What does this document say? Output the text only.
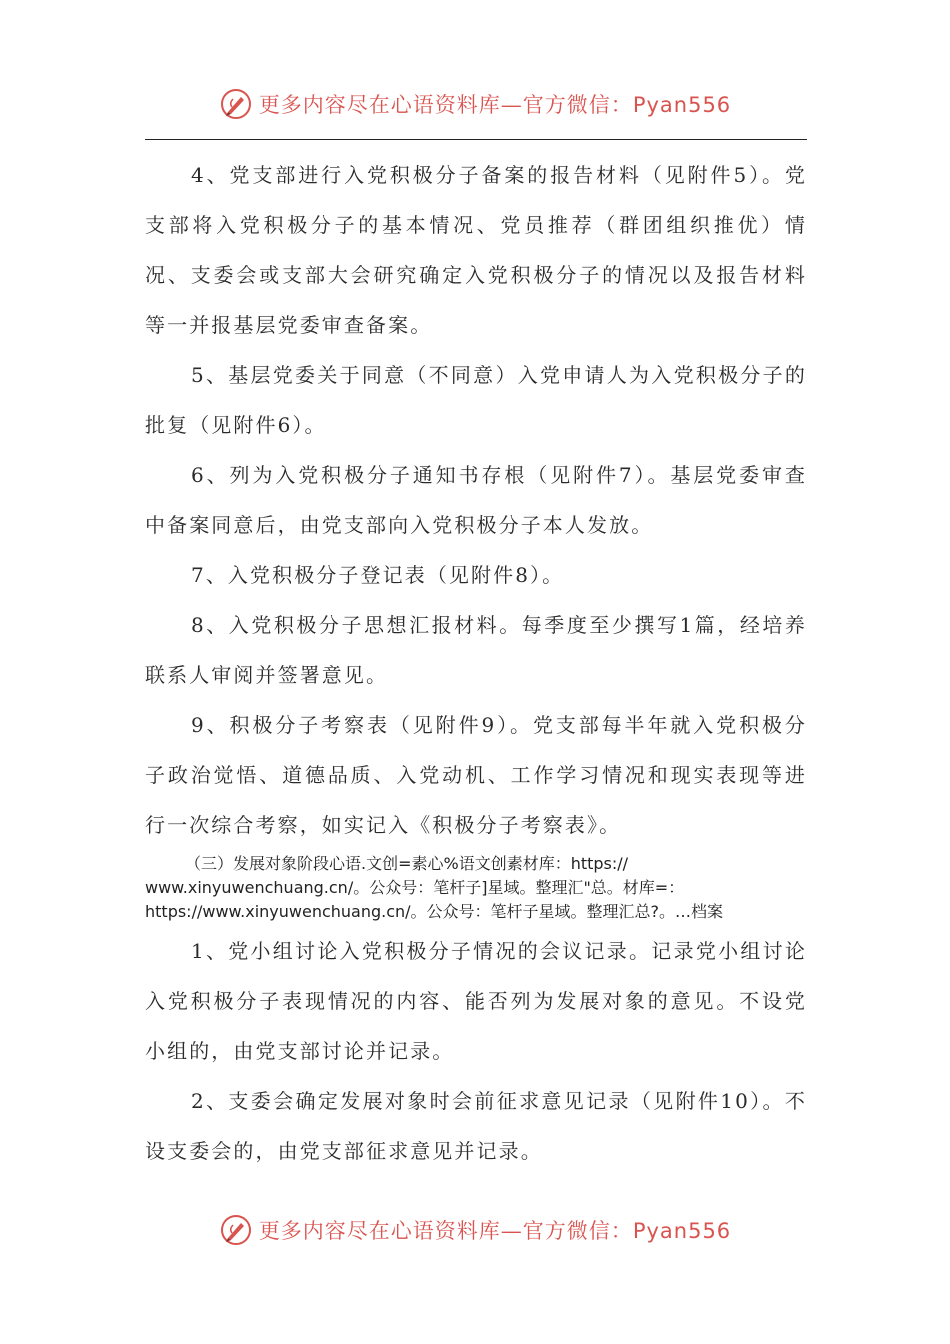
更多内容尽在心语资料库—官方微信：Pyan556

4、党支部进行入党积极分子备案的报告材料（见附件5）。党支部将入党积极分子的基本情况、党员推荐（群团组织推优）情况、支委会或支部大会研究确定入党积极分子的情况以及报告材料等一并报基层党委审查备案。

5、基层党委关于同意（不同意）入党申请人为入党积极分子的批复（见附件6）。

6、列为入党积极分子通知书存根（见附件7）。基层党委审查中备案同意后，由党支部向入党积极分子本人发放。

7、入党积极分子登记表（见附件8）。

8、入党积极分子思想汇报材料。每季度至少撰写1篇，经培养联系人审阅并签署意见。

9、积极分子考察表（见附件9）。党支部每半年就入党积极分子政治觉悟、道德品质、入党动机、工作学习情况和现实表现等进行一次综合考察，如实记入《积极分子考察表》。

（三）发展对象阶段心语.文创=素心%语文创素材库：https:// www.xinyuwenchuang.cn/。公众号：笔杆子]星域。整理汇"总。材库=：https://www.xinyuwenchuang.cn/。公众号：笔杆子星域。整理汇总?。…档案

1、党小组讨论入党积极分子情况的会议记录。记录党小组讨论入党积极分子表现情况的内容、能否列为发展对象的意见。不设党小组的，由党支部讨论并记录。

2、支委会确定发展对象时会前征求意见记录（见附件10）。不设支委会的，由党支部征求意见并记录。

更多内容尽在心语资料库—官方微信：Pyan556
